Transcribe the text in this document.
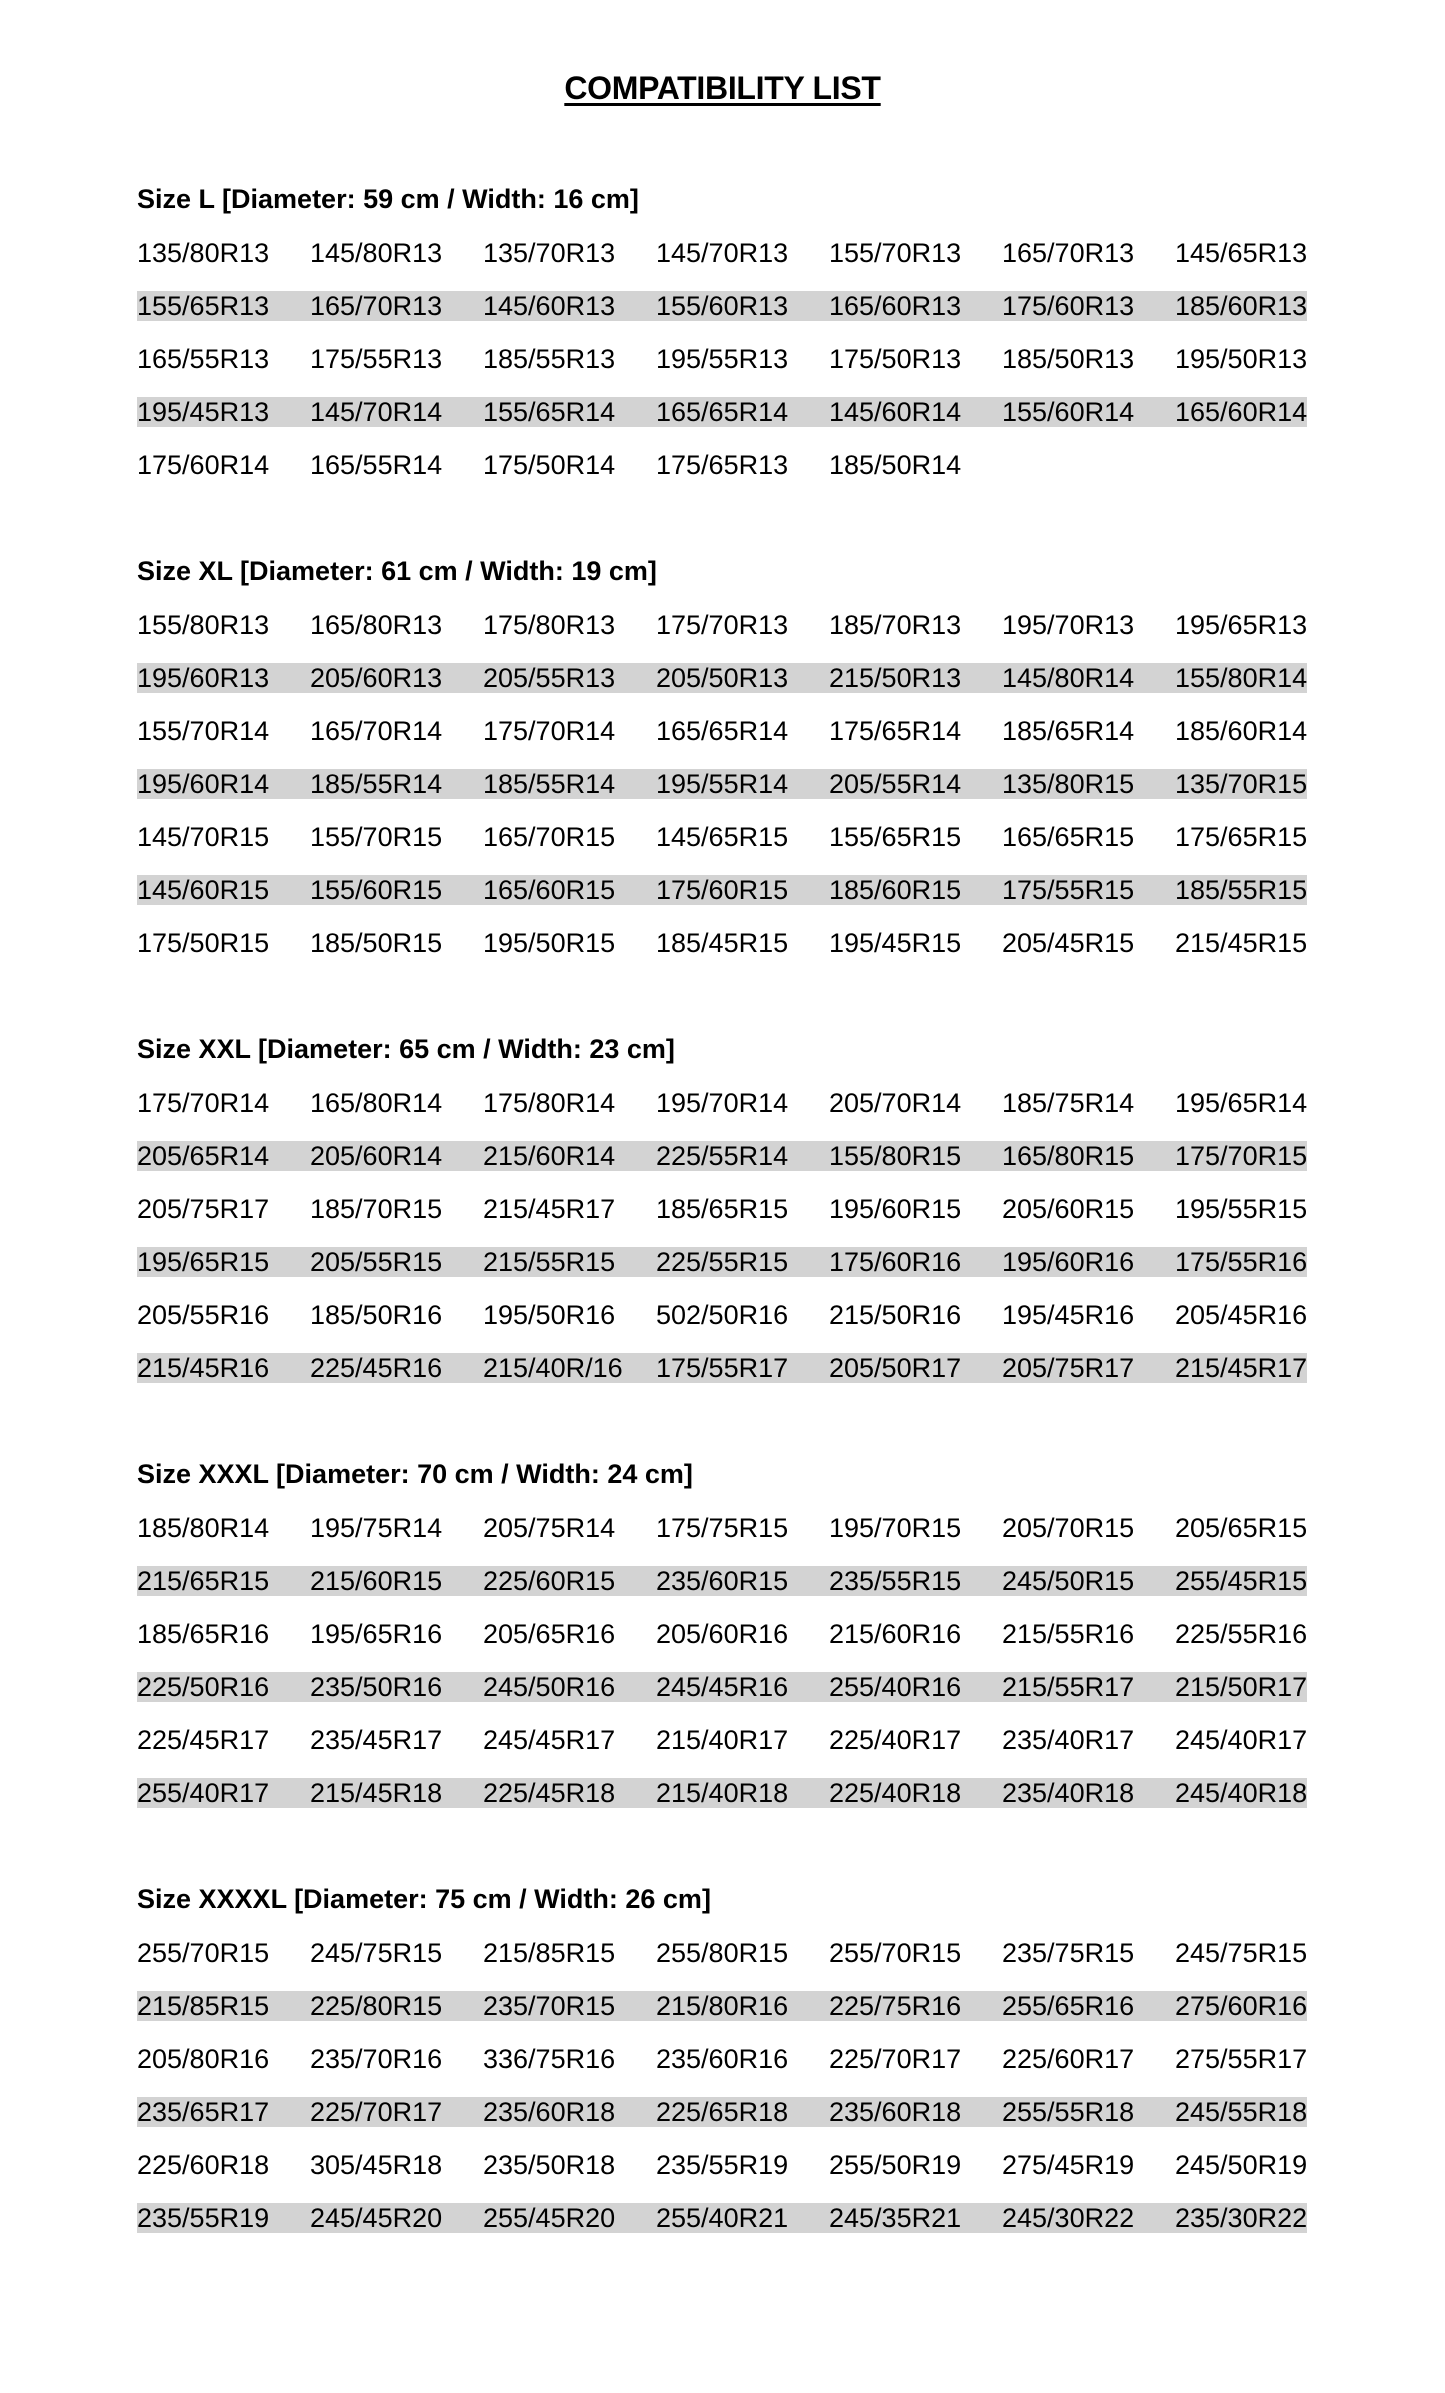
COMPATIBILITY LIST
Size L [Diameter: 59 cm / Width: 16 cm]
135/80R13	145/80R13	135/70R13	145/70R13	155/70R13	165/70R13	145/65R13
155/65R13	165/70R13	145/60R13	155/60R13	165/60R13	175/60R13	185/60R13
165/55R13	175/55R13	185/55R13	195/55R13	175/50R13	185/50R13	195/50R13
195/45R13	145/70R14	155/65R14	165/65R14	145/60R14	155/60R14	165/60R14
175/60R14	165/55R14	175/50R14	175/65R13	185/50R14
Size XL [Diameter: 61 cm / Width: 19 cm]
155/80R13	165/80R13	175/80R13	175/70R13	185/70R13	195/70R13	195/65R13
195/60R13	205/60R13	205/55R13	205/50R13	215/50R13	145/80R14	155/80R14
155/70R14	165/70R14	175/70R14	165/65R14	175/65R14	185/65R14	185/60R14
195/60R14	185/55R14	185/55R14	195/55R14	205/55R14	135/80R15	135/70R15
145/70R15	155/70R15	165/70R15	145/65R15	155/65R15	165/65R15	175/65R15
145/60R15	155/60R15	165/60R15	175/60R15	185/60R15	175/55R15	185/55R15
175/50R15	185/50R15	195/50R15	185/45R15	195/45R15	205/45R15	215/45R15
Size XXL [Diameter: 65 cm / Width: 23 cm]
175/70R14	165/80R14	175/80R14	195/70R14	205/70R14	185/75R14	195/65R14
205/65R14	205/60R14	215/60R14	225/55R14	155/80R15	165/80R15	175/70R15
205/75R17	185/70R15	215/45R17	185/65R15	195/60R15	205/60R15	195/55R15
195/65R15	205/55R15	215/55R15	225/55R15	175/60R16	195/60R16	175/55R16
205/55R16	185/50R16	195/50R16	502/50R16	215/50R16	195/45R16	205/45R16
215/45R16	225/45R16	215/40R/16	175/55R17	205/50R17	205/75R17	215/45R17
Size XXXL [Diameter: 70 cm / Width: 24 cm]
185/80R14	195/75R14	205/75R14	175/75R15	195/70R15	205/70R15	205/65R15
215/65R15	215/60R15	225/60R15	235/60R15	235/55R15	245/50R15	255/45R15
185/65R16	195/65R16	205/65R16	205/60R16	215/60R16	215/55R16	225/55R16
225/50R16	235/50R16	245/50R16	245/45R16	255/40R16	215/55R17	215/50R17
225/45R17	235/45R17	245/45R17	215/40R17	225/40R17	235/40R17	245/40R17
255/40R17	215/45R18	225/45R18	215/40R18	225/40R18	235/40R18	245/40R18
Size XXXXL [Diameter: 75 cm / Width: 26 cm]
255/70R15	245/75R15	215/85R15	255/80R15	255/70R15	235/75R15	245/75R15
215/85R15	225/80R15	235/70R15	215/80R16	225/75R16	255/65R16	275/60R16
205/80R16	235/70R16	336/75R16	235/60R16	225/70R17	225/60R17	275/55R17
235/65R17	225/70R17	235/60R18	225/65R18	235/60R18	255/55R18	245/55R18
225/60R18	305/45R18	235/50R18	235/55R19	255/50R19	275/45R19	245/50R19
235/55R19	245/45R20	255/45R20	255/40R21	245/35R21	245/30R22	235/30R22
